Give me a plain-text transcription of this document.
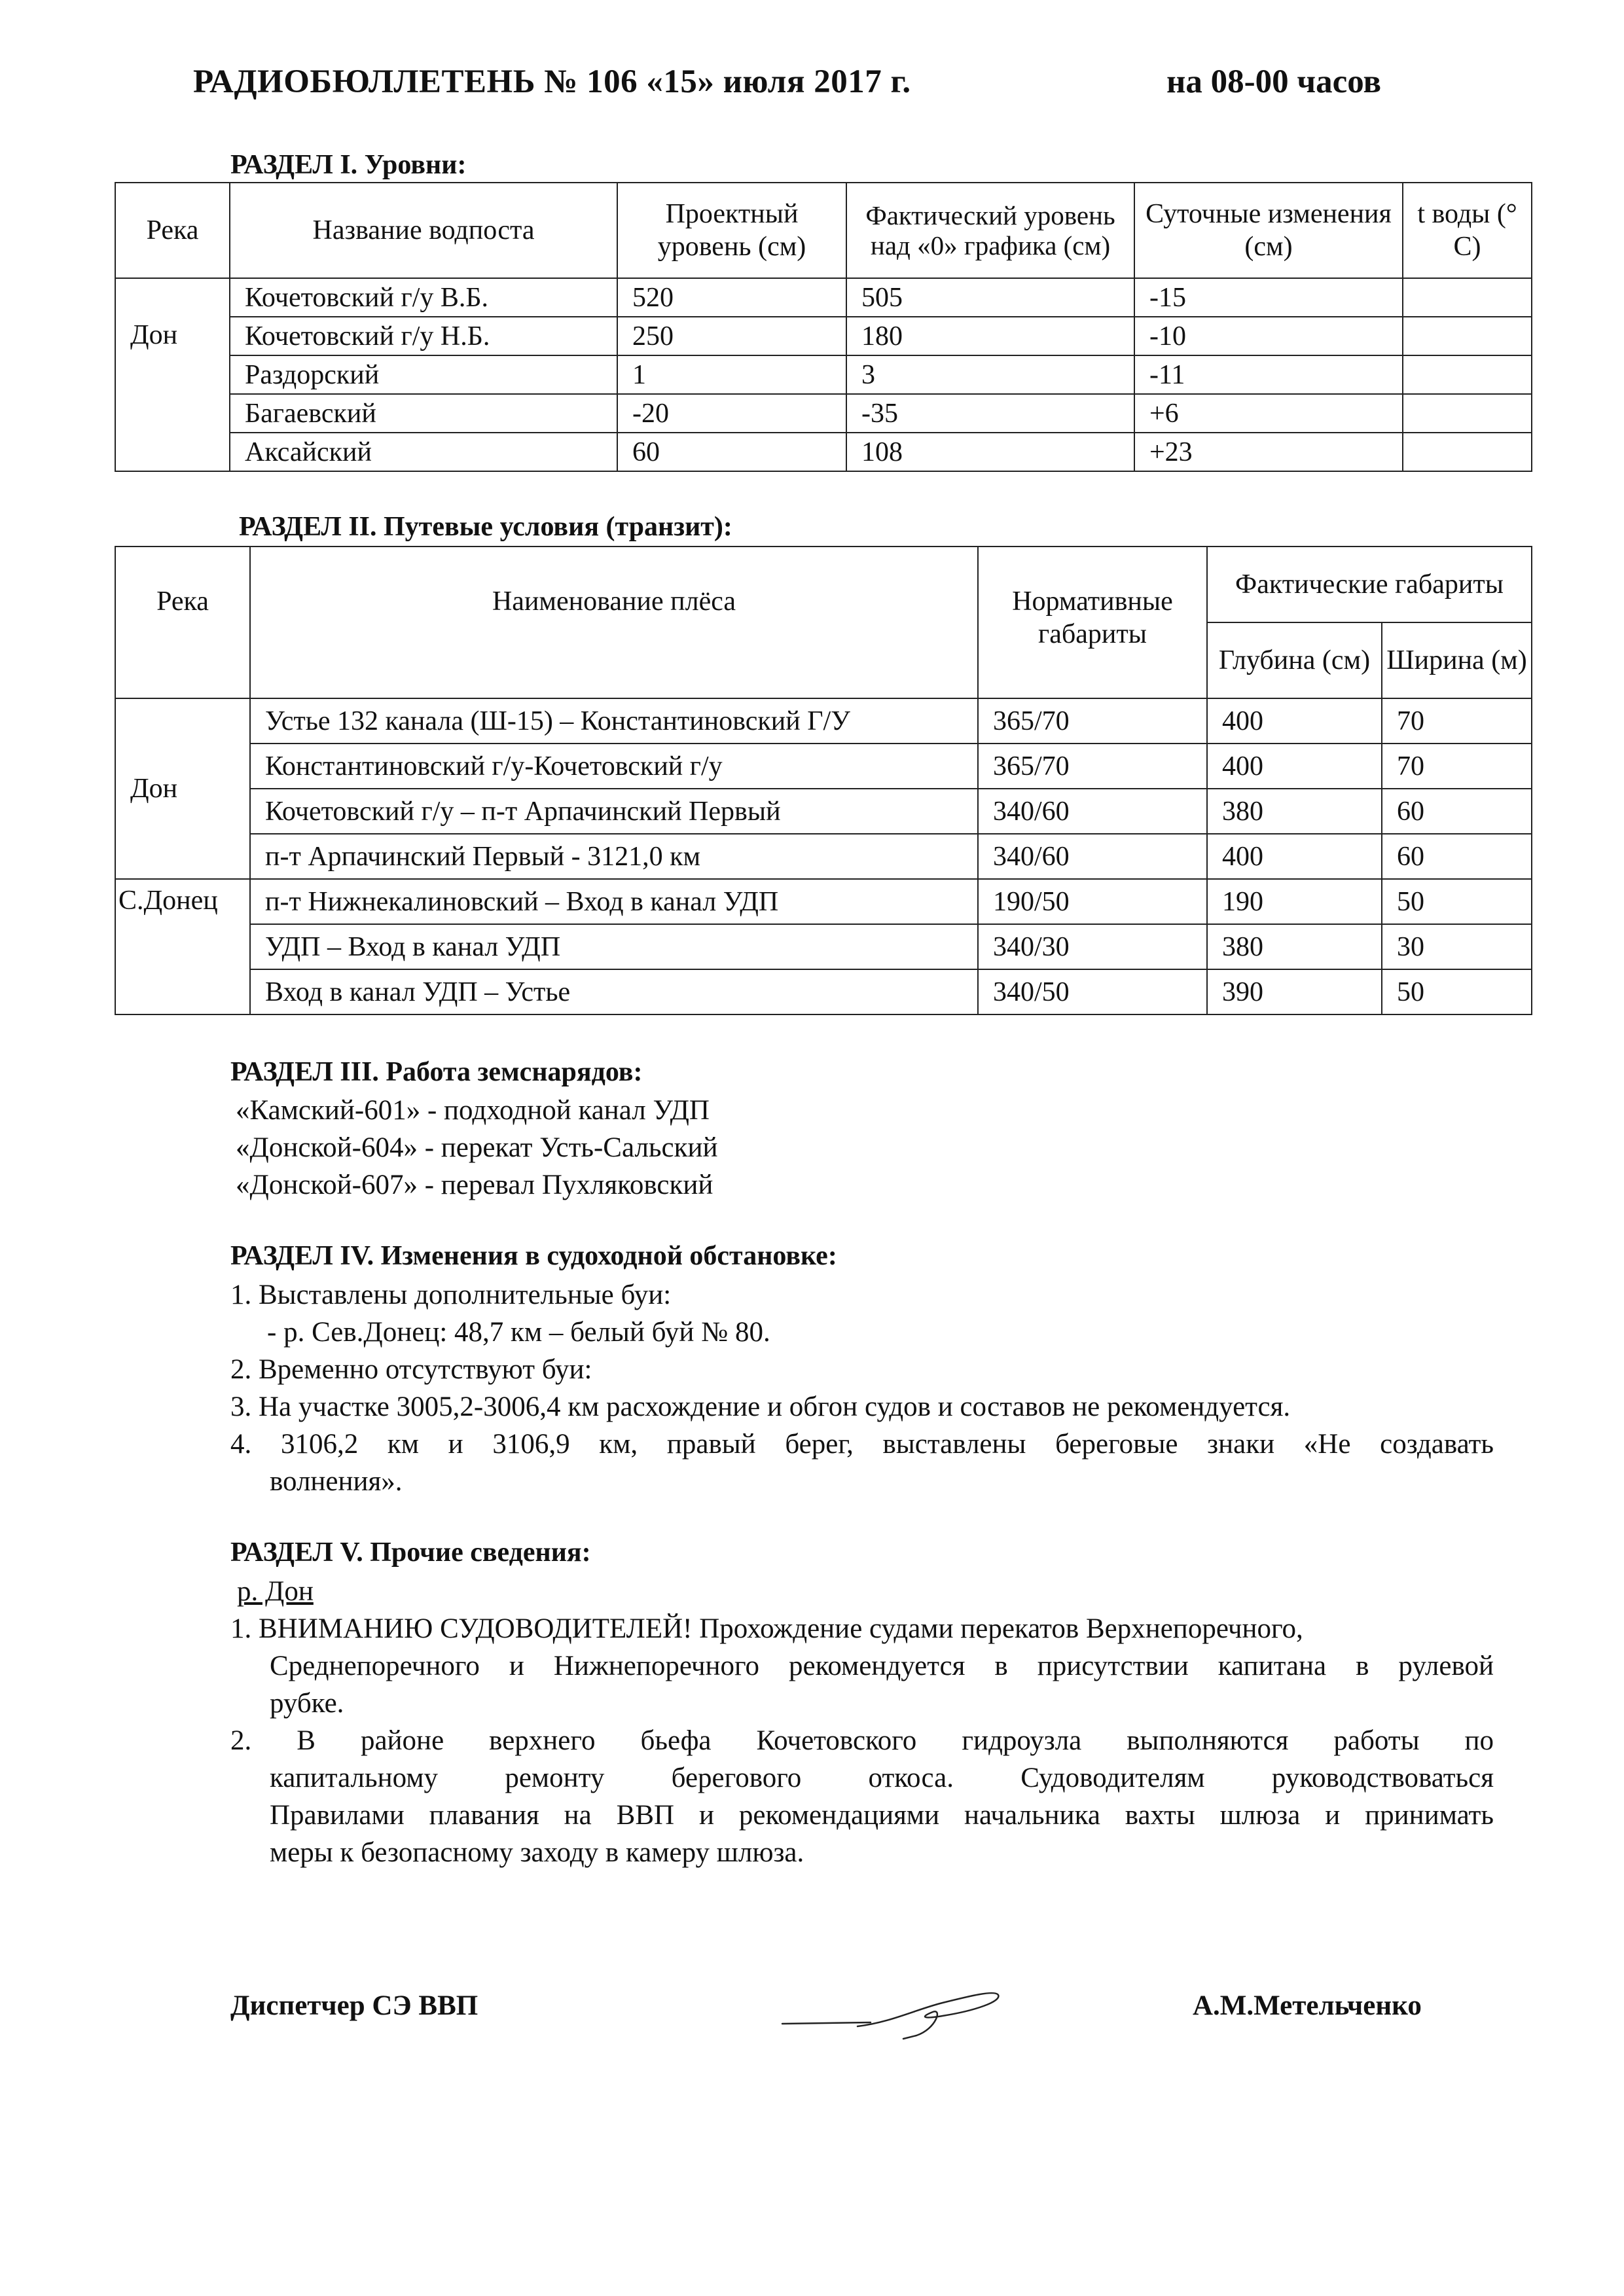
РАДИОБЮЛЛЕТЕНЬ № 106 «15» июля 2017 г.	на 08-00 часов
РАЗДЕЛ I. Уровни:
Река	Название водпоста	Проектный уровень (см)	Фактический уровень над «0» графика (см)	Суточные изменения (см)	t воды (° С)
Дон	Кочетовский г/у В.Б.	520	505	-15	
	Кочетовский г/у Н.Б.	250	180	-10	
	Раздорский	1	3	-11	
	Багаевский	-20	-35	+6	
	Аксайский	60	108	+23	
РАЗДЕЛ II. Путевые условия (транзит):
Река	Наименование плёса	Нормативные габариты	Фактические габариты	
			Глубина (см)	Ширина (м)
Дон	Устье 132 канала (Ш-15) – Константиновский Г/У	365/70	400	70
	Константиновский г/у-Кочетовский г/у	365/70	400	70
	Кочетовский г/у – п-т Арпачинский Первый	340/60	380	60
	п-т Арпачинский Первый - 3121,0 км	340/60	400	60
С.Донец	п-т Нижнекалиновский – Вход в канал УДП	190/50	190	50
	УДП – Вход в канал УДП	340/30	380	30
	Вход в канал УДП – Устье	340/50	390	50
РАЗДЕЛ III. Работа земснарядов:
«Камский-601» - подходной канал УДП
«Донской-604» - перекат Усть-Сальский
«Донской-607» - перевал Пухляковский
РАЗДЕЛ IV. Изменения в судоходной обстановке:
1. Выставлены дополнительные буи:
- р. Сев.Донец: 48,7 км – белый буй № 80.
2. Временно отсутствуют буи:
3. На участке 3005,2-3006,4 км расхождение и обгон судов и составов не рекомендуется.
4. 3106,2 км и 3106,9 км, правый берег, выставлены береговые знаки «Не создавать
волнения».
РАЗДЕЛ V. Прочие сведения:
р. Дон
1. ВНИМАНИЮ СУДОВОДИТЕЛЕЙ! Прохождение судами перекатов Верхнепоречного,
Среднепоречного и Нижнепоречного рекомендуется в присутствии капитана в рулевой
рубке.
2. В районе верхнего бьефа Кочетовского гидроузла выполняются работы по
капитальному ремонту берегового откоса. Судоводителям руководствоваться
Правилами плавания на ВВП и рекомендациями начальника вахты шлюза и принимать
меры к безопасному заходу в камеру шлюза.
Диспетчер СЭ ВВП	А.М.Метельченко
